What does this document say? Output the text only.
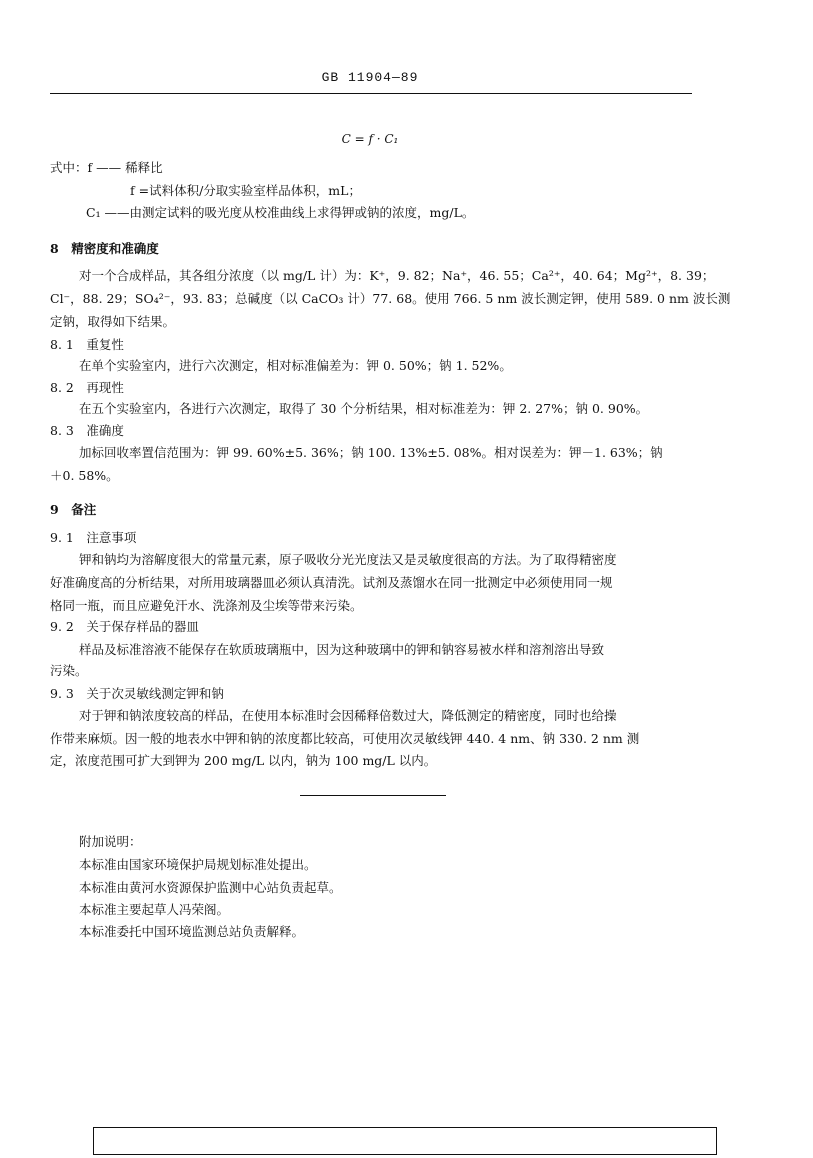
GB 11904—89
C = f · C₁
式中：f —— 稀释比
f =试料体积/分取实验室样品体积，mL；
C₁ ——由测定试料的吸光度从校准曲线上求得钾或钠的浓度，mg/L。
8　精密度和准确度
对一个合成样品，其各组分浓度（以 mg/L 计）为：K⁺，9. 82；Na⁺，46. 55；Ca²⁺，40. 64；Mg²⁺，8. 39；
Cl⁻，88. 29；SO₄²⁻，93. 83；总碱度（以 CaCO₃ 计）77. 68。使用 766. 5 nm 波长测定钾，使用 589. 0 nm 波长测
定钠，取得如下结果。
8. 1　重复性
在单个实验室内，进行六次测定，相对标准偏差为：钾 0. 50%；钠 1. 52%。
8. 2　再现性
在五个实验室内，各进行六次测定，取得了 30 个分析结果，相对标准差为：钾 2. 27%；钠 0. 90%。
8. 3　准确度
加标回收率置信范围为：钾 99. 60%±5. 36%；钠 100. 13%±5. 08%。相对误差为：钾－1. 63%；钠
＋0. 58%。
9　备注
9. 1　注意事项
钾和钠均为溶解度很大的常量元素，原子吸收分光光度法又是灵敏度很高的方法。为了取得精密度
好准确度高的分析结果，对所用玻璃器皿必须认真清洗。试剂及蒸馏水在同一批测定中必须使用同一规
格同一瓶，而且应避免汗水、洗涤剂及尘埃等带来污染。
9. 2　关于保存样品的器皿
样品及标准溶液不能保存在软质玻璃瓶中，因为这种玻璃中的钾和钠容易被水样和溶剂溶出导致
污染。
9. 3　关于次灵敏线测定钾和钠
对于钾和钠浓度较高的样品，在使用本标准时会因稀释倍数过大，降低测定的精密度，同时也给操
作带来麻烦。因一般的地表水中钾和钠的浓度都比较高，可使用次灵敏线钾 440. 4 nm、钠 330. 2 nm 测
定，浓度范围可扩大到钾为 200 mg/L 以内，钠为 100 mg/L 以内。
附加说明：
本标准由国家环境保护局规划标准处提出。
本标准由黄河水资源保护监测中心站负责起草。
本标准主要起草人冯荣阁。
本标准委托中国环境监测总站负责解释。
